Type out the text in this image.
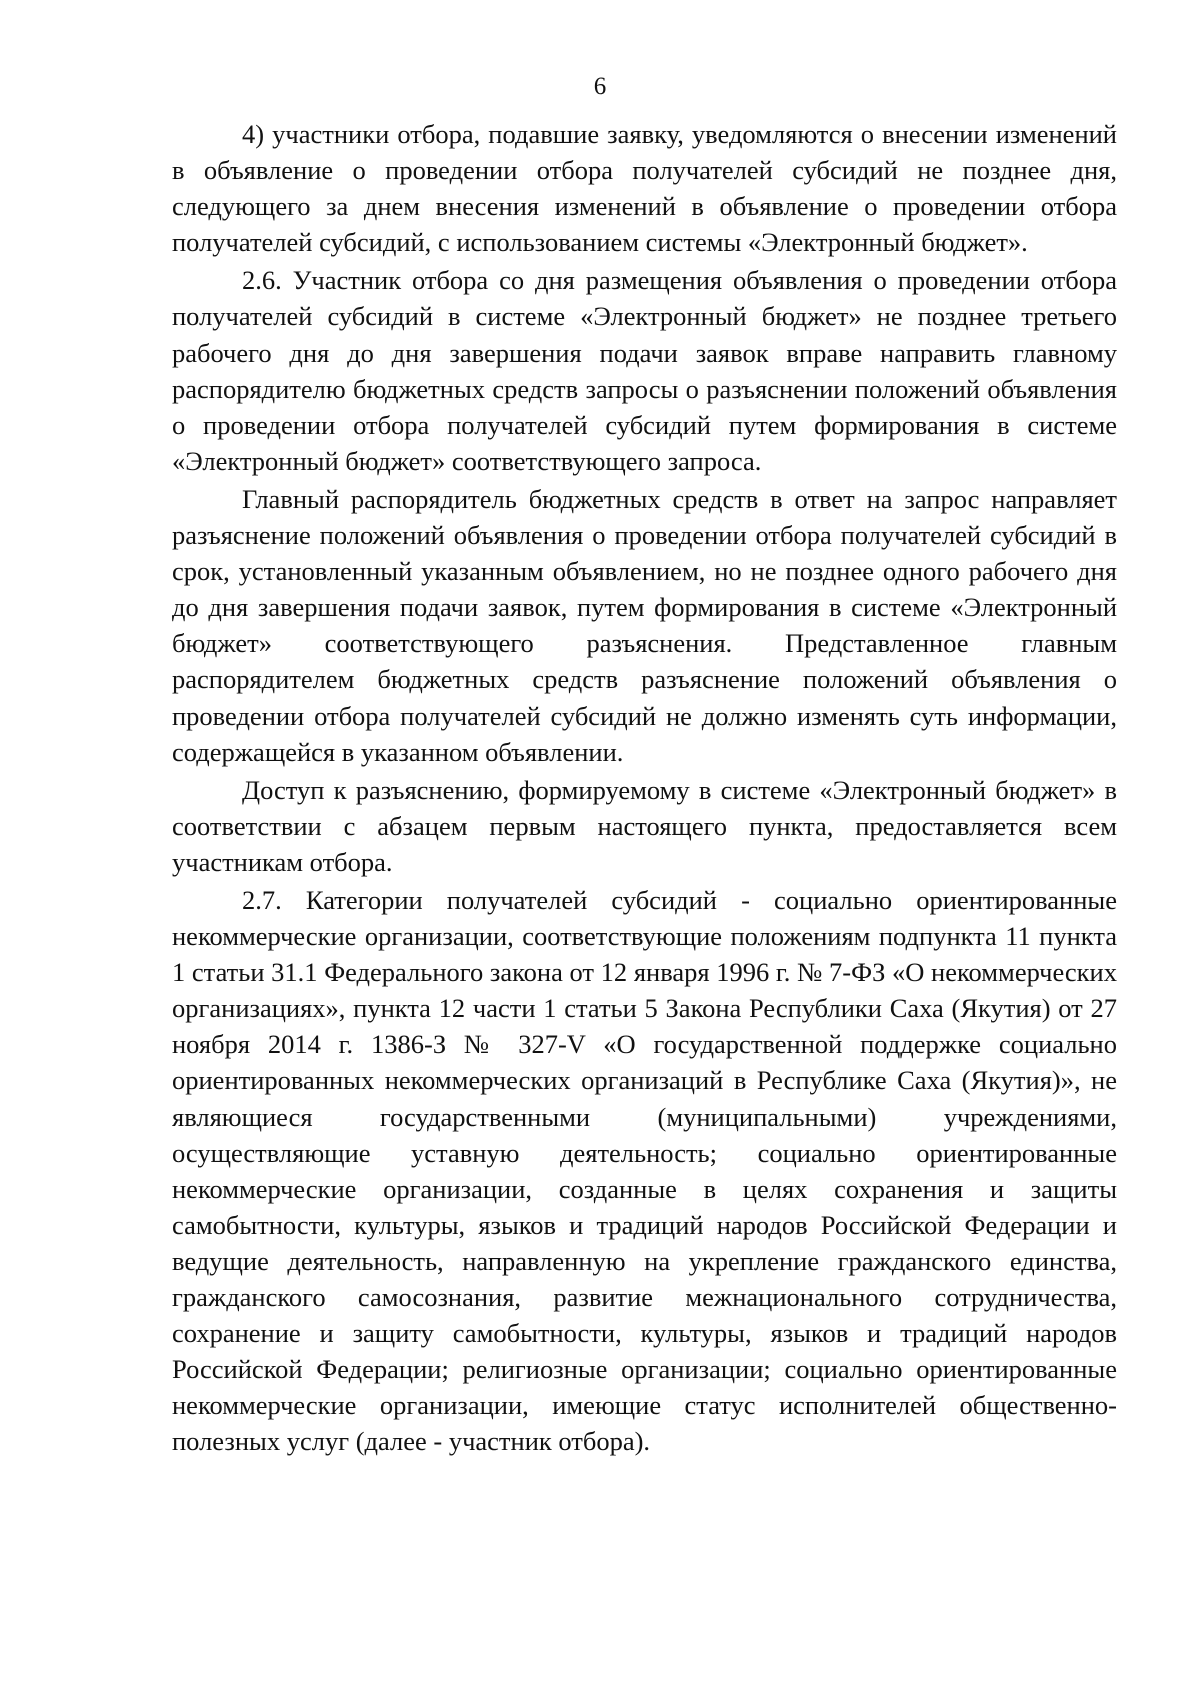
6

4) участники отбора, подавшие заявку, уведомляются о внесении изменений в объявление о проведении отбора получателей субсидий не позднее дня, следующего за днем внесения изменений в объявление о проведении отбора получателей субсидий, с использованием системы «Электронный бюджет».

2.6. Участник отбора со дня размещения объявления о проведении отбора получателей субсидий в системе «Электронный бюджет» не позднее третьего рабочего дня до дня завершения подачи заявок вправе направить главному распорядителю бюджетных средств запросы о разъяснении положений объявления о проведении отбора получателей субсидий путем формирования в системе «Электронный бюджет» соответствующего запроса.

Главный распорядитель бюджетных средств в ответ на запрос направляет разъяснение положений объявления о проведении отбора получателей субсидий в срок, установленный указанным объявлением, но не позднее одного рабочего дня до дня завершения подачи заявок, путем формирования в системе «Электронный бюджет» соответствующего разъяснения. Представленное главным распорядителем бюджетных средств разъяснение положений объявления о проведении отбора получателей субсидий не должно изменять суть информации, содержащейся в указанном объявлении.

Доступ к разъяснению, формируемому в системе «Электронный бюджет» в соответствии с абзацем первым настоящего пункта, предоставляется всем участникам отбора.

2.7. Категории получателей субсидий - социально ориентированные некоммерческие организации, соответствующие положениям подпункта 11 пункта 1 статьи 31.1 Федерального закона от 12 января 1996 г. № 7-ФЗ «О некоммерческих организациях», пункта 12 части 1 статьи 5 Закона Республики Саха (Якутия) от 27 ноября 2014 г. 1386-З № 327-V «О государственной поддержке социально ориентированных некоммерческих организаций в Республике Саха (Якутия)», не являющиеся государственными (муниципальными) учреждениями, осуществляющие уставную деятельность; социально ориентированные некоммерческие организации, созданные в целях сохранения и защиты самобытности, культуры, языков и традиций народов Российской Федерации и ведущие деятельность, направленную на укрепление гражданского единства, гражданского самосознания, развитие межнационального сотрудничества, сохранение и защиту самобытности, культуры, языков и традиций народов Российской Федерации; религиозные организации; социально ориентированные некоммерческие организации, имеющие статус исполнителей общественно-полезных услуг (далее - участник отбора).
